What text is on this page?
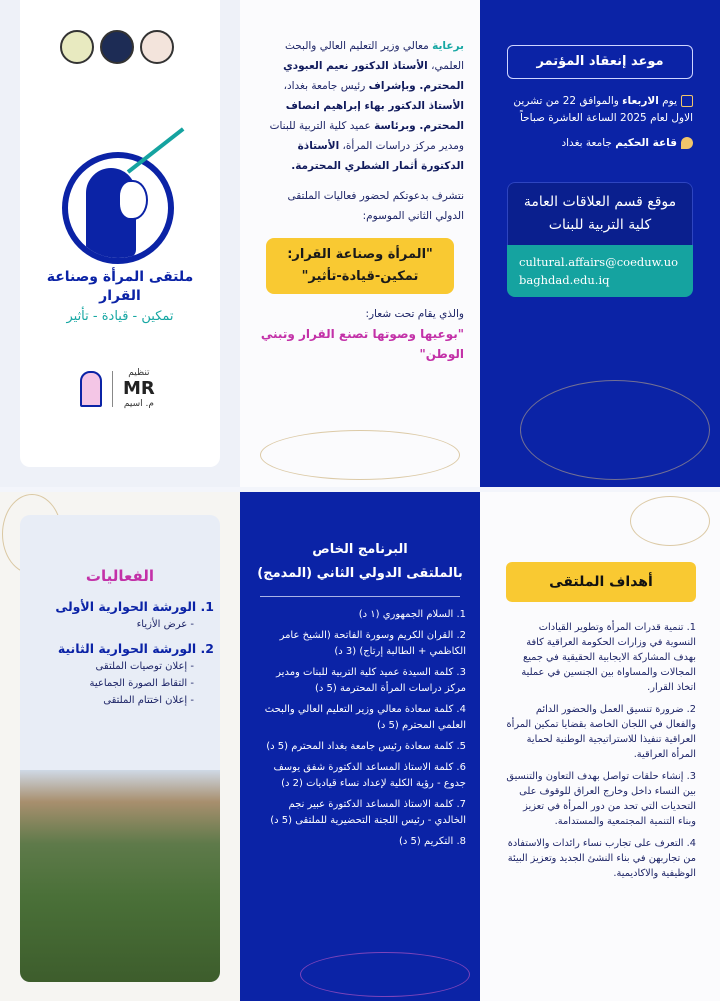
ملتقى المرأة وصناعة القرار
تمكين - قيادة - تأثير
تنظيم
MR
م. اسيم

برعاية معالي وزير التعليم العالي والبحث العلمي، الأستاذ الدكتور نعيم العبودي المحترم. وبإشراف رئيس جامعة بغداد، الأستاذ الدكتور بهاء إبراهيم انصاف المحترم. وبرئاسة عميد كلية التربية للبنات ومدير مركز دراسات المرأة، الأستاذة الدكتورة أثمار الشطري المحترمة.

نتشرف بدعوتكم لحضور فعاليات الملتقى الدولي الثاني الموسوم:

"المرأة وصناعة القرار:
تمكين-قيادة-تأثير"

والذي يقام تحت شعار:

"بوعيها وصوتها تصنع القرار وتبني الوطن"

موعد إنعقاد المؤتمر

يوم الاربعاء والموافق 22 من تشرين الاول لعام 2025 الساعة العاشرة صباحاً

قاعة الحكيم جامعة بغداد

موقع قسم العلاقات العامة كلية التربية للبنات
cultural.affairs@coeduw.uobaghdad.edu.iq
الفعاليات
1. الورشة الحوارية الأولى
- عرض الأزياء
2. الورشة الحوارية الثانية
- إعلان توصيات الملتقى
- التقاط الصورة الجماعية
- إعلان اختتام الملتقى
البرنامج الخاص
بالملتقى الدولي الثاني (المدمج)
1. السلام الجمهوري (١ د)
2. القران الكريم وسورة الفاتحة (الشيخ عامر الكاظمي + الطالبة إرتاج) (3 د)
3. كلمة السيدة عميد كلية التربية للبنات ومدير مركز دراسات المرأة المحترمة (5 د)
4. كلمة سعادة معالي وزير التعليم العالي والبحث العلمي المحترم (5 د)
5. كلمة سعادة رئيس جامعة بغداد المحترم (5 د)
6. كلمة الاستاذ المساعد الدكتورة شفق يوسف جدوع - رؤية الكلية لإعداد نساء قياديات (2 د)
7. كلمة الاستاذ المساعد الدكتورة عبير نجم الخالدي - رئيس اللجنة التحضيرية للملتقى (5 د)
8. التكريم (5 د)
أهداف الملتقى
1. تنمية قدرات المرأة وتطوير القيادات النسوية في وزارات الحكومة العراقية كافة بهدف المشاركة الايجابية الحقيقية في جميع المجالات والمساواة بين الجنسين في عملية اتخاذ القرار.
2. ضرورة تنسيق العمل والحضور الدائم والفعال في اللجان الخاصة بقضايا تمكين المرأة العراقية تنفيذا للاستراتيجية الوطنية لحماية المرأة العراقية.
3. إنشاء حلقات تواصل بهدف التعاون والتنسيق بين النساء داخل وخارج العراق للوقوف على التحديات التي تحد من دور المرأة في تعزيز وبناء التنمية المجتمعية والمستدامة.
4. التعرف على تجارب نساء رائدات والاستفادة من تجاربهن في بناء النشئ الجديد وتعزيز البيئة الوظيفية والاكاديمية.
